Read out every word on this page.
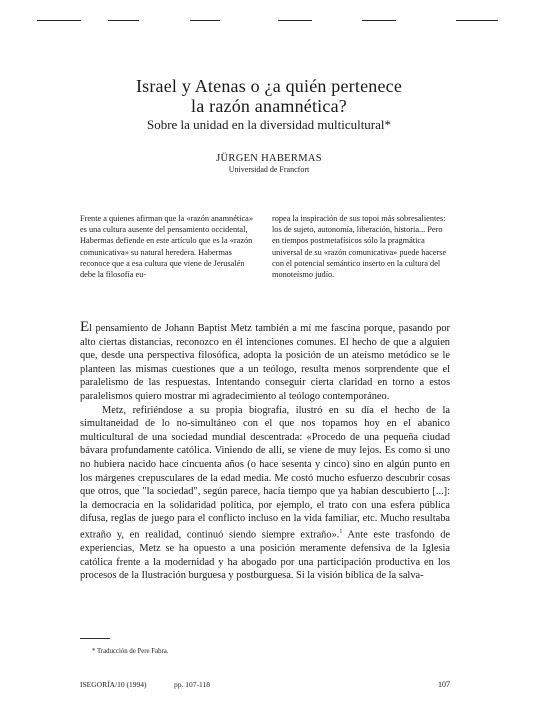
Israel y Atenas o ¿a quién pertenece
la razón anamnética?
Sobre la unidad en la diversidad multicultural*
JÜRGEN HABERMAS
Universidad de Francfort

Frente a quienes afirman que la «razón anamnética» es una cultura ausente del pensamiento occidental, Habermas defiende en este artículo que es la «razón comunicativa» su natural heredera. Habermas reconoce que a esa cultura que viene de Jerusalén debe la filosofía eu-

ropea la inspiración de sus topoi más sobresalientes: los de sujeto, autonomía, liberación, historia... Pero en tiempos postmetafísicos sólo la pragmática universal de su «razón comunicativa» puede hacerse con el potencial semántico inserto en la cultura del monoteísmo judío.

El pensamiento de Johann Baptist Metz también a mí me fascina porque, pasando por alto ciertas distancias, reconozco en él intenciones comunes. El hecho de que a alguien que, desde una perspectiva filosófica, adopta la posición de un ateísmo metódico se le planteen las mismas cuestiones que a un teólogo, resulta menos sorprendente que el paralelismo de las respuestas. Intentando conseguir cierta claridad en torno a estos paralelismos quiero mostrar mi agradecimiento al teólogo contemporáneo.

Metz, refiriéndose a su propia biografía, ilustró en su día el hecho de la simultaneidad de lo no-simultáneo con el que nos topamos hoy en el abanico multicultural de una sociedad mundial descentrada: «Procedo de una pequeña ciudad bávara profundamente católica. Viniendo de allí, se viene de muy lejos. Es como si uno no hubiera nacido hace cincuenta años (o hace sesenta y cinco) sino en algún punto en los márgenes crepusculares de la edad media. Me costó mucho esfuerzo descubrir cosas que otros, que "la sociedad", según parece, hacía tiempo que ya habían descubierto [...]: la democracia en la solidaridad política, por ejemplo, el trato con una esfera pública difusa, reglas de juego para el conflicto incluso en la vida familiar, etc. Mucho resultaba extraño y, en realidad, continuó siendo siempre extraño».$^1$ Ante este trasfondo de experiencias, Metz se ha opuesto a una posición meramente defensiva de la Iglesia católica frente a la modernidad y ha abogado por una participación productiva en los procesos de la Ilustración burguesa y postburguesa. Si la visión bíblica de la salva-

* Traducción de Pere Fabra.
ISEGORÍA/10 (1994)	pp. 107-118	107
